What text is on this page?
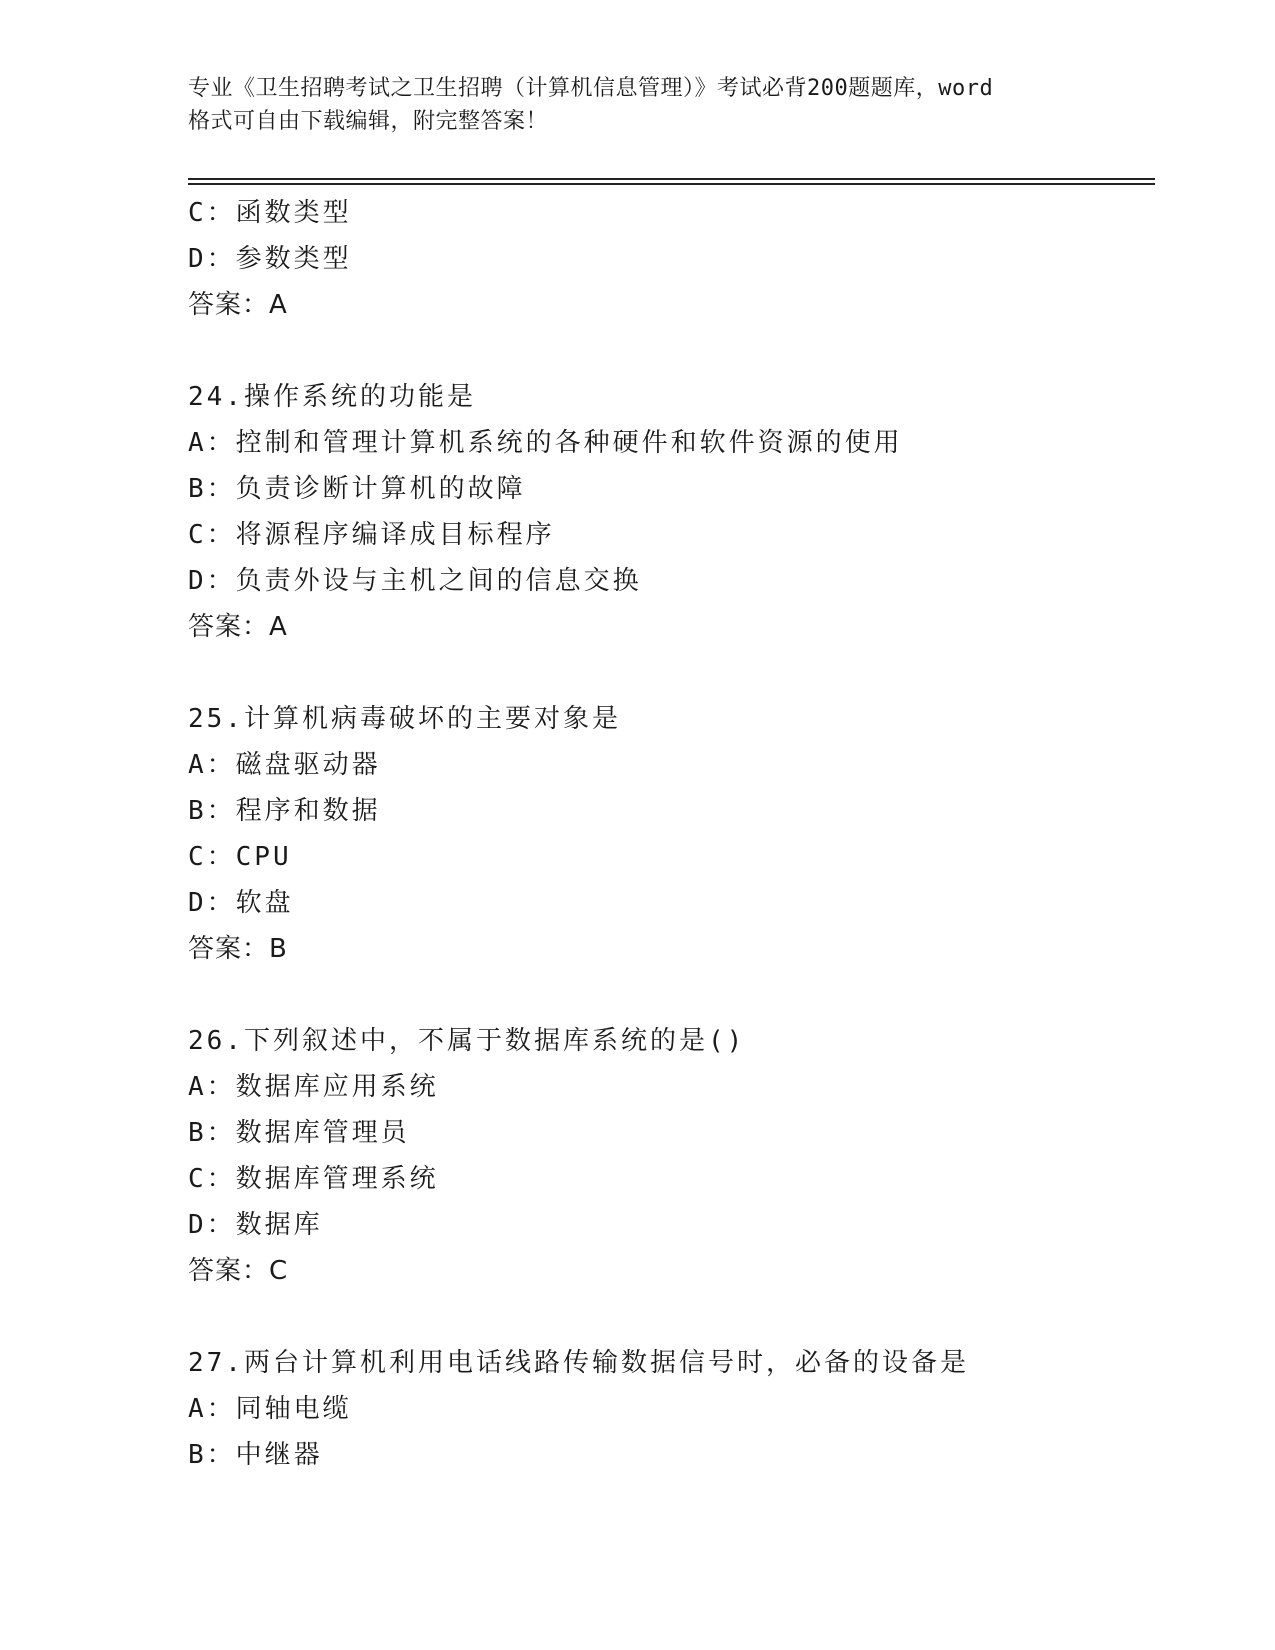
专业《卫生招聘考试之卫生招聘（计算机信息管理）》考试必背200题题库，word
格式可自由下载编辑，附完整答案！
C：函数类型
D：参数类型
答案：A
24.操作系统的功能是
A：控制和管理计算机系统的各种硬件和软件资源的使用
B：负责诊断计算机的故障
C：将源程序编译成目标程序
D：负责外设与主机之间的信息交换
答案：A
25.计算机病毒破坏的主要对象是
A：磁盘驱动器
B：程序和数据
C：CPU
D：软盘
答案：B
26.下列叙述中，不属于数据库系统的是()
A：数据库应用系统
B：数据库管理员
C：数据库管理系统
D：数据库
答案：C
27.两台计算机利用电话线路传输数据信号时，必备的设备是
A：同轴电缆
B：中继器
